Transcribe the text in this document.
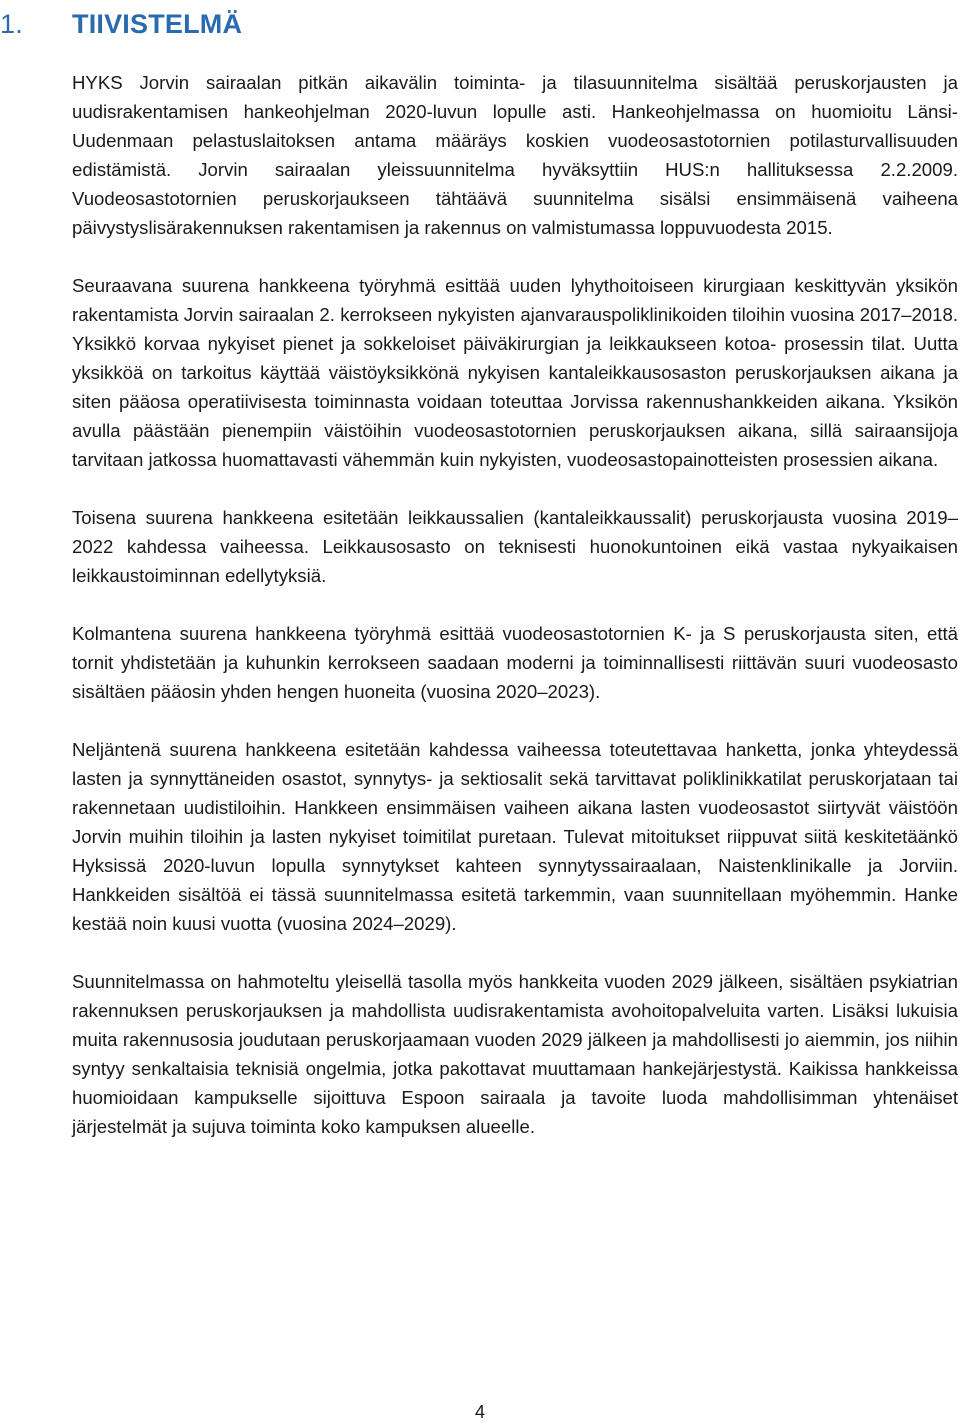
1.	TIIVISTELMÄ

HYKS Jorvin sairaalan pitkän aikavälin toiminta- ja tilasuunnitelma sisältää peruskorjausten ja uudisrakentamisen hankeohjelman 2020-luvun lopulle asti. Hankeohjelmassa on huomioitu Länsi-Uudenmaan pelastuslaitoksen antama määräys koskien vuodeosastotornien potilasturvallisuuden edistämistä. Jorvin sairaalan yleissuunnitelma hyväksyttiin HUS:n hallituksessa 2.2.2009. Vuodeosastotornien peruskorjaukseen tähtäävä suunnitelma sisälsi ensimmäisenä vaiheena päivystyslisärakennuksen rakentamisen ja rakennus on valmistumassa loppuvuodesta 2015.

Seuraavana suurena hankkeena työryhmä esittää uuden lyhythoitoiseen kirurgiaan keskittyvän yksikön rakentamista Jorvin sairaalan 2. kerrokseen nykyisten ajanvarauspoliklinikoiden tiloihin vuosina 2017–2018. Yksikkö korvaa nykyiset pienet ja sokkeloiset päiväkirurgian ja leikkaukseen kotoa- prosessin tilat. Uutta yksikköä on tarkoitus käyttää väistöyksikkönä nykyisen kantaleikkausosaston peruskorjauksen aikana ja siten pääosa operatiivisesta toiminnasta voidaan toteuttaa Jorvissa rakennushankkeiden aikana. Yksikön avulla päästään pienempiin väistöihin vuodeosastotornien peruskorjauksen aikana, sillä sairaansijoja tarvitaan jatkossa huomattavasti vähemmän kuin nykyisten, vuodeosastopainotteisten prosessien aikana.

Toisena suurena hankkeena esitetään leikkaussalien (kantaleikkaussalit) peruskorjausta vuosina 2019–2022 kahdessa vaiheessa. Leikkausosasto on teknisesti huonokuntoinen eikä vastaa nykyaikaisen leikkaustoiminnan edellytyksiä.

Kolmantena suurena hankkeena työryhmä esittää vuodeosastotornien K- ja S peruskorjausta siten, että tornit yhdistetään ja kuhunkin kerrokseen saadaan moderni ja toiminnallisesti riittävän suuri vuodeosasto sisältäen pääosin yhden hengen huoneita (vuosina 2020–2023).

Neljäntenä suurena hankkeena esitetään kahdessa vaiheessa toteutettavaa hanketta, jonka yhteydessä lasten ja synnyttäneiden osastot, synnytys- ja sektiosalit sekä tarvittavat poliklinikkatilat peruskorjataan tai rakennetaan uudistiloihin. Hankkeen ensimmäisen vaiheen aikana lasten vuodeosastot siirtyvät väistöön Jorvin muihin tiloihin ja lasten nykyiset toimitilat puretaan. Tulevat mitoitukset riippuvat siitä keskitetäänkö Hyksissä 2020-luvun lopulla synnytykset kahteen synnytyssairaalaan, Naistenklinikalle ja Jorviin. Hankkeiden sisältöä ei tässä suunnitelmassa esitetä tarkemmin, vaan suunnitellaan myöhemmin. Hanke kestää noin kuusi vuotta (vuosina 2024–2029).

Suunnitelmassa on hahmoteltu yleisellä tasolla myös hankkeita vuoden 2029 jälkeen, sisältäen psykiatrian rakennuksen peruskorjauksen ja mahdollista uudisrakentamista avohoitopalveluita varten. Lisäksi lukuisia muita rakennusosia joudutaan peruskorjaamaan vuoden 2029 jälkeen ja mahdollisesti jo aiemmin, jos niihin syntyy senkaltaisia teknisiä ongelmia, jotka pakottavat muuttamaan hankejärjestystä. Kaikissa hankkeissa huomioidaan kampukselle sijoittuva Espoon sairaala ja tavoite luoda mahdollisimman yhtenäiset järjestelmät ja sujuva toiminta koko kampuksen alueelle.

4
